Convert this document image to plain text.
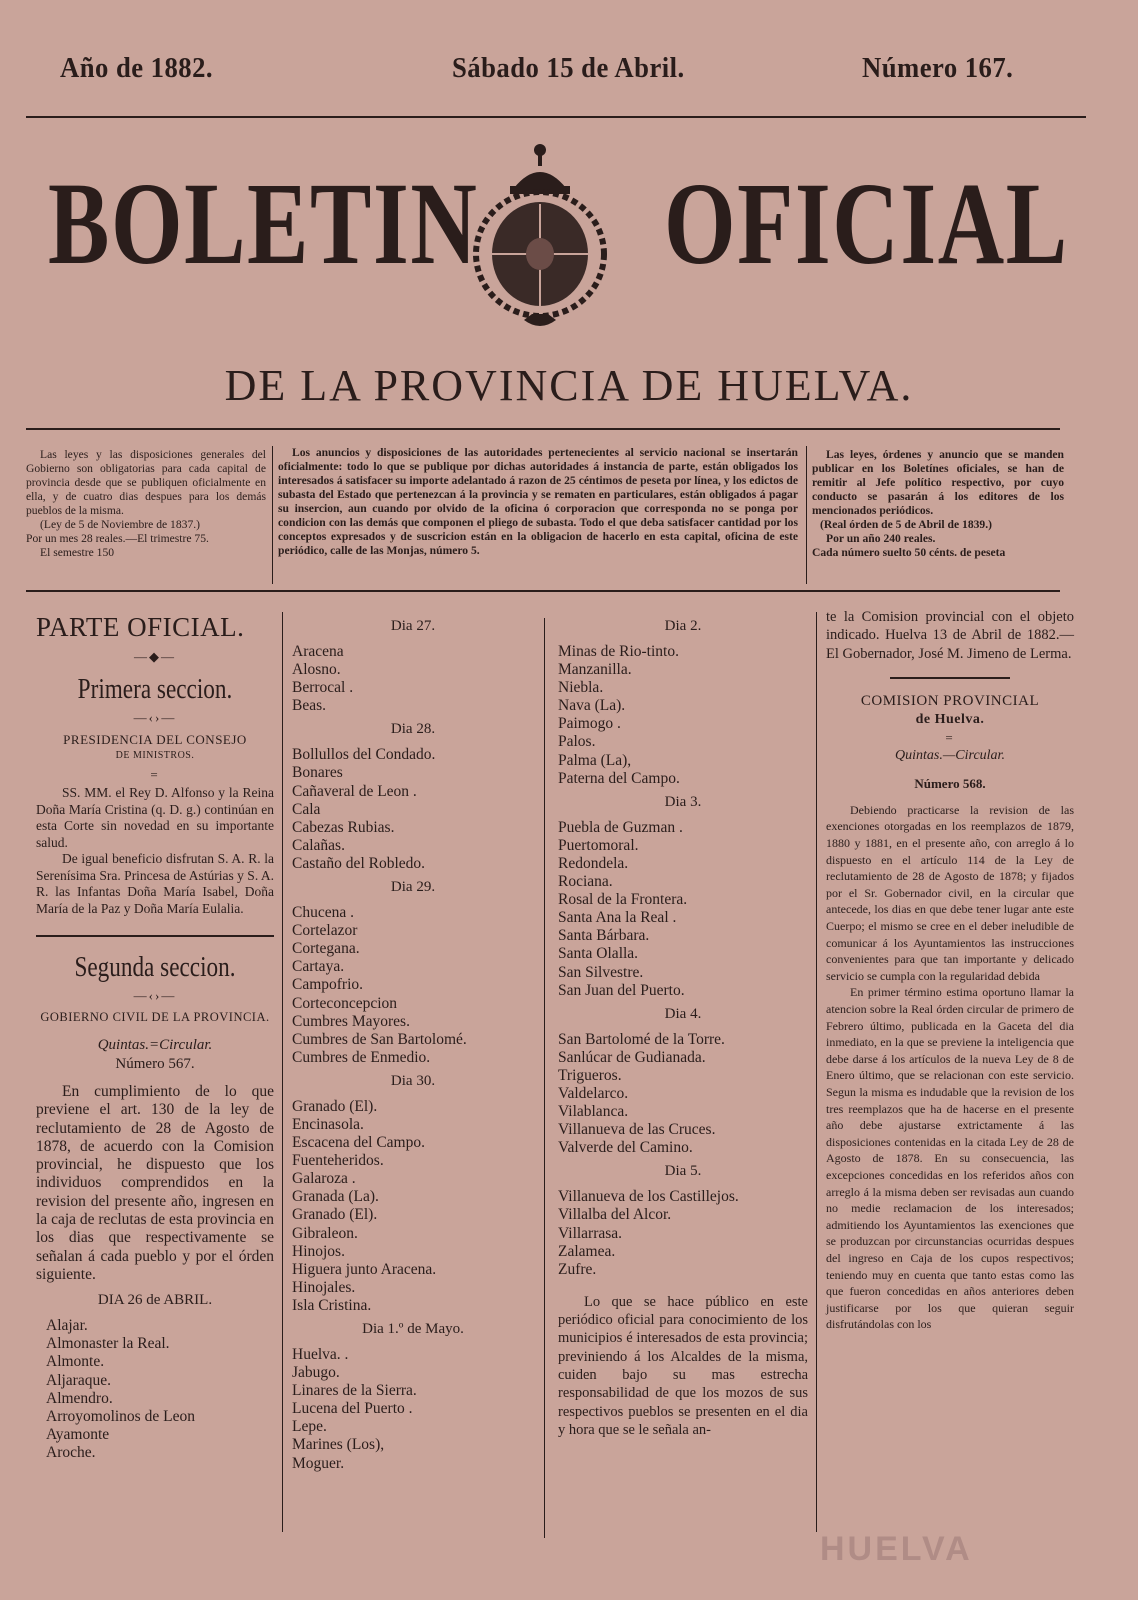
Año de 1882.	Sábado 15 de Abril.	Número 167.
BOLETIN OFICIAL
DE LA PROVINCIA DE HUELVA.

Las leyes y las disposiciones generales del Gobierno son obligatorias para cada capital de provincia desde que se publiquen oficialmente en ella, y de cuatro dias despues para los demás pueblos de la misma.

(Ley de 5 de Noviembre de 1837.)

Por un mes 28 reales.—El trimestre 75.

El semestre 150

Los anuncios y disposiciones de las autoridades pertenecientes al servicio nacional se insertarán oficialmente: todo lo que se publique por dichas autoridades á instancia de parte, están obligados los interesados á satisfacer su importe adelantado á razon de 25 céntimos de peseta por línea, y los edictos de subasta del Estado que pertenezcan á la provincia y se rematen en particulares, están obligados á pagar su insercion, aun cuando por olvido de la oficina ó corporacion que corresponda no se ponga por condicion con las demás que componen el pliego de subasta. Todo el que deba satisfacer cantidad por los conceptos expresados y de suscricion están en la obligacion de hacerlo en esta capital, oficina de este periódico, calle de las Monjas, número 5.

Las leyes, órdenes y anuncio que se manden publicar en los Boletínes oficiales, se han de remitir al Jefe político respectivo, por cuyo conducto se pasarán á los editores de los mencionados periódicos.

(Real órden de 5 de Abril de 1839.)

Por un año 240 reales.

Cada número suelto 50 cénts. de peseta

PARTE OFICIAL.
—◆—
Primera seccion.
—‹›—
PRESIDENCIA DEL CONSEJO
DE MINISTROS.
=

SS. MM. el Rey D. Alfonso y la Reina Doña María Cristina (q. D. g.) continúan en esta Corte sin novedad en su importante salud.

De igual beneficio disfrutan S. A. R. la Serenísima Sra. Princesa de Astúrias y S. A. R. las Infantas Doña María Isabel, Doña María de la Paz y Doña María Eulalia.

Segunda seccion.
—‹›—
GOBIERNO CIVIL DE LA PROVINCIA.
Quintas.=Circular.
Número 567.

En cumplimiento de lo que previene el art. 130 de la ley de reclutamiento de 28 de Agosto de 1878, de acuerdo con la Comision provincial, he dispuesto que los individuos comprendidos en la revision del presente año, ingresen en la caja de reclutas de esta provincia en los dias que respectivamente se señalan á cada pueblo y por el órden siguiente.

DIA 26 de ABRIL.
Alajar.
Almonaster la Real.
Almonte.
Aljaraque.
Almendro.
Arroyomolinos de Leon
Ayamonte
Aroche.
Dia 27.
Aracena
Alosno.
Berrocal .
Beas.
Dia 28.
Bollullos del Condado.
Bonares
Cañaveral de Leon .
Cala
Cabezas Rubias.
Calañas.
Castaño del Robledo.
Dia 29.
Chucena .
Cortelazor
Cortegana.
Cartaya.
Campofrio.
Corteconcepcion
Cumbres Mayores.
Cumbres de San Bartolomé.
Cumbres de Enmedio.
Dia 30.
Granado (El).
Encinasola.
Escacena del Campo.
Fuenteheridos.
Galaroza .
Granada (La).
Granado (El).
Gibraleon.
Hinojos.
Higuera junto Aracena.
Hinojales.
Isla Cristina.
Dia 1.º de Mayo.
Huelva. .
Jabugo.
Linares de la Sierra.
Lucena del Puerto .
Lepe.
Marines (Los),
Moguer.
Dia 2.
Minas de Rio-tinto.
Manzanilla.
Niebla.
Nava (La).
Paimogo .
Palos.
Palma (La),
Paterna del Campo.
Dia 3.
Puebla de Guzman .
Puertomoral.
Redondela.
Rociana.
Rosal de la Frontera.
Santa Ana la Real .
Santa Bárbara.
Santa Olalla.
San Silvestre.
San Juan del Puerto.
Dia 4.
San Bartolomé de la Torre.
Sanlúcar de Gudianada.
Trigueros.
Valdelarco.
Vilablanca.
Villanueva de las Cruces.
Valverde del Camino.
Dia 5.
Villanueva de los Castillejos.
Villalba del Alcor.
Villarrasa.
Zalamea.
Zufre.

Lo que se hace público en este periódico oficial para conocimiento de los municipios é interesados de esta provincia; previniendo á los Alcaldes de la misma, cuiden bajo su mas estrecha responsabilidad de que los mozos de sus respectivos pueblos se presenten en el dia y hora que se le señala an-

te la Comision provincial con el objeto indicado. Huelva 13 de Abril de 1882.—El Gobernador, José M. Jimeno de Lerma.

COMISION PROVINCIAL
de Huelva.
=
Quintas.—Circular.
Número 568.

Debiendo practicarse la revision de las exenciones otorgadas en los reemplazos de 1879, 1880 y 1881, en el presente año, con arreglo á lo dispuesto en el artículo 114 de la Ley de reclutamiento de 28 de Agosto de 1878; y fijados por el Sr. Gobernador civil, en la circular que antecede, los dias en que debe tener lugar ante este Cuerpo; el mismo se cree en el deber ineludible de comunicar á los Ayuntamientos las instrucciones convenientes para que tan importante y delicado servicio se cumpla con la regularidad debida

En primer término estima oportuno llamar la atencion sobre la Real órden circular de primero de Febrero último, publicada en la Gaceta del dia inmediato, en la que se previene la inteligencia que debe darse á los artículos de la nueva Ley de 8 de Enero último, que se relacionan con este servicio. Segun la misma es indudable que la revision de los tres reemplazos que ha de hacerse en el presente año debe ajustarse extrictamente á las disposiciones contenidas en la citada Ley de 28 de Agosto de 1878. En su consecuencia, las excepciones concedidas en los referidos años con arreglo á la misma deben ser revisadas aun cuando no medie reclamacion de los interesados; admitiendo los Ayuntamientos las exenciones que se produzcan por circunstancias ocurridas despues del ingreso en Caja de los cupos respectivos; teniendo muy en cuenta que tanto estas como las que fueron concedidas en años anteriores deben justificarse por los que quieran seguir disfrutándolas con los

HUELVA
